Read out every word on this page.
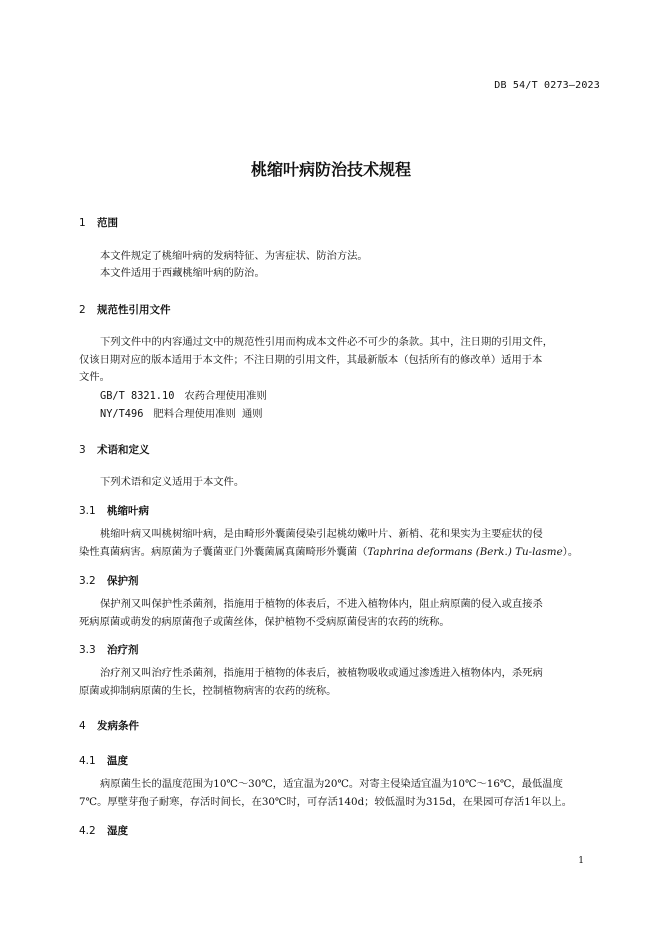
DB 54/T 0273—2023
桃缩叶病防治技术规程
1 范围
本文件规定了桃缩叶病的发病特征、为害症状、防治方法。
本文件适用于西藏桃缩叶病的防治。
2 规范性引用文件
下列文件中的内容通过文中的规范性引用而构成本文件必不可少的条款。其中，注日期的引用文件，
仅该日期对应的版本适用于本文件；不注日期的引用文件，其最新版本（包括所有的修改单）适用于本
文件。
GB/T 8321.10 农药合理使用准则
NY/T496 肥料合理使用准则 通则
3 术语和定义
下列术语和定义适用于本文件。
3.1 桃缩叶病
桃缩叶病又叫桃树缩叶病，是由畸形外囊菌侵染引起桃幼嫩叶片、新梢、花和果实为主要症状的侵
染性真菌病害。病原菌为子囊菌亚门外囊菌属真菌畸形外囊菌（Taphrina deformans (Berk.) Tu-lasme）。
3.2 保护剂
保护剂又叫保护性杀菌剂，指施用于植物的体表后，不进入植物体内，阻止病原菌的侵入或直接杀
死病原菌或萌发的病原菌孢子或菌丝体，保护植物不受病原菌侵害的农药的统称。
3.3 治疗剂
治疗剂又叫治疗性杀菌剂，指施用于植物的体表后，被植物吸收或通过渗透进入植物体内，杀死病
原菌或抑制病原菌的生长，控制植物病害的农药的统称。
4 发病条件
4.1 温度
病原菌生长的温度范围为10℃～30℃，适宜温为20℃。对寄主侵染适宜温为10℃～16℃，最低温度
7℃。厚壁芽孢子耐寒，存活时间长，在30℃时，可存活140d；较低温时为315d，在果园可存活1年以上。
4.2 湿度
1
